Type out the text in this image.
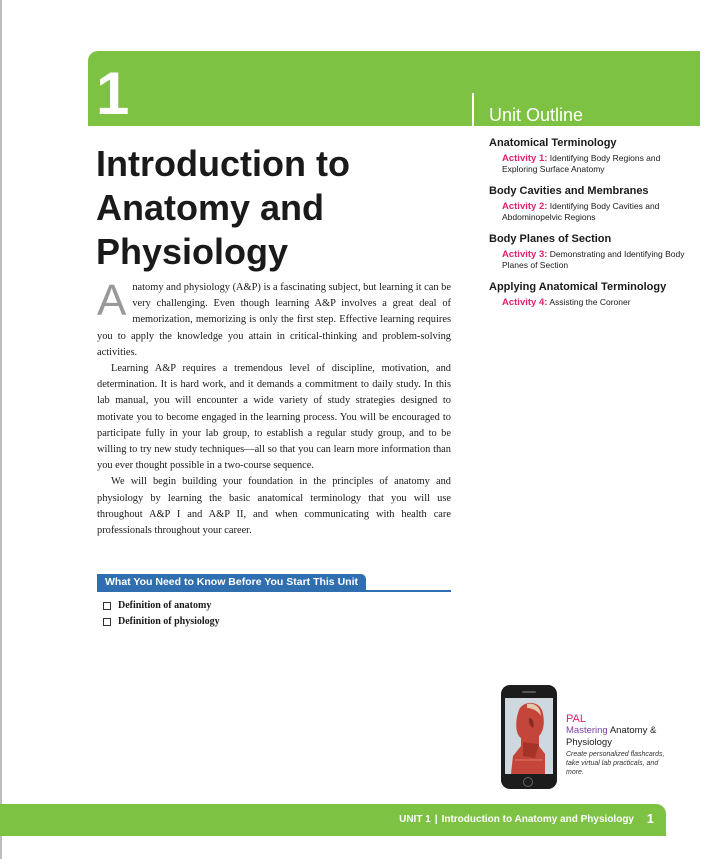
1	Unit Outline
Introduction to Anatomy and Physiology

Anatomy and physiology (A&P) is a fascinating subject, but learning it can be very challenging. Even though learning A&P involves a great deal of memorization, memorizing is only the first step. Effective learning requires you to apply the knowledge you attain in critical-thinking and problem-solving activities.

Learning A&P requires a tremendous level of discipline, motivation, and determination. It is hard work, and it demands a commitment to daily study. In this lab manual, you will encounter a wide variety of study strategies designed to motivate you to become engaged in the learning process. You will be encouraged to participate fully in your lab group, to establish a regular study group, and to be willing to try new study techniques—all so that you can learn more information than you ever thought possible in a two-course sequence.

We will begin building your foundation in the principles of anatomy and physiology by learning the basic anatomical terminology that you will use throughout A&P I and A&P II, and when communicating with health care professionals throughout your career.

What You Need to Know Before You Start This Unit
Definition of anatomy
Definition of physiology
Anatomical Terminology
Activity 1: Identifying Body Regions and Exploring Surface Anatomy
Body Cavities and Membranes
Activity 2: Identifying Body Cavities and Abdominopelvic Regions
Body Planes of Section
Activity 3: Demonstrating and Identifying Body Planes of Section
Applying Anatomical Terminology
Activity 4: Assisting the Coroner
PAL
Mastering Anatomy & Physiology
Create personalized flashcards, take virtual lab practicals, and more.
UNIT 1 | Introduction to Anatomy and Physiology 1
